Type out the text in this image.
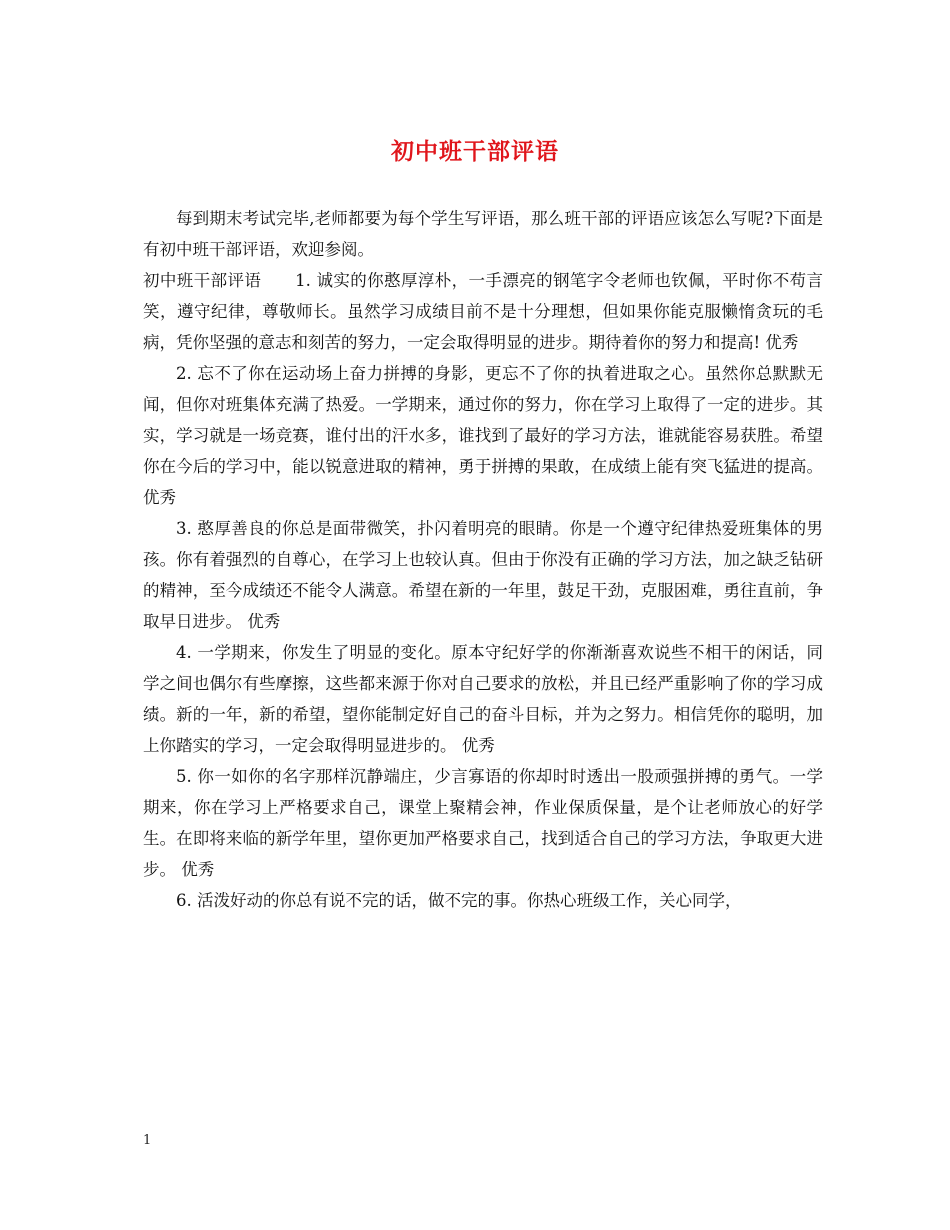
初中班干部评语

每到期末考试完毕,老师都要为每个学生写评语，那么班干部的评语应该怎么写呢?下面是有初中班干部评语，欢迎参阅。

初中班干部评语　　1. 诚实的你憨厚淳朴，一手漂亮的钢笔字令老师也钦佩，平时你不苟言笑，遵守纪律，尊敬师长。虽然学习成绩目前不是十分理想，但如果你能克服懒惰贪玩的毛病，凭你坚强的意志和刻苦的努力，一定会取得明显的进步。期待着你的努力和提高! 优秀

2. 忘不了你在运动场上奋力拼搏的身影，更忘不了你的执着进取之心。虽然你总默默无闻，但你对班集体充满了热爱。一学期来，通过你的努力，你在学习上取得了一定的进步。其实，学习就是一场竞赛，谁付出的汗水多，谁找到了最好的学习方法，谁就能容易获胜。希望你在今后的学习中，能以锐意进取的精神，勇于拼搏的果敢，在成绩上能有突飞猛进的提高。 优秀

3. 憨厚善良的你总是面带微笑，扑闪着明亮的眼睛。你是一个遵守纪律热爱班集体的男孩。你有着强烈的自尊心，在学习上也较认真。但由于你没有正确的学习方法，加之缺乏钻研的精神，至今成绩还不能令人满意。希望在新的一年里，鼓足干劲，克服困难，勇往直前，争取早日进步。 优秀

4. 一学期来，你发生了明显的变化。原本守纪好学的你渐渐喜欢说些不相干的闲话，同学之间也偶尔有些摩擦，这些都来源于你对自己要求的放松，并且已经严重影响了你的学习成绩。新的一年，新的希望，望你能制定好自己的奋斗目标，并为之努力。相信凭你的聪明，加上你踏实的学习，一定会取得明显进步的。 优秀

5. 你一如你的名字那样沉静端庄，少言寡语的你却时时透出一股顽强拼搏的勇气。一学期来，你在学习上严格要求自己，课堂上聚精会神，作业保质保量，是个让老师放心的好学生。在即将来临的新学年里，望你更加严格要求自己，找到适合自己的学习方法，争取更大进步。 优秀

6. 活泼好动的你总有说不完的话，做不完的事。你热心班级工作，关心同学，

1
